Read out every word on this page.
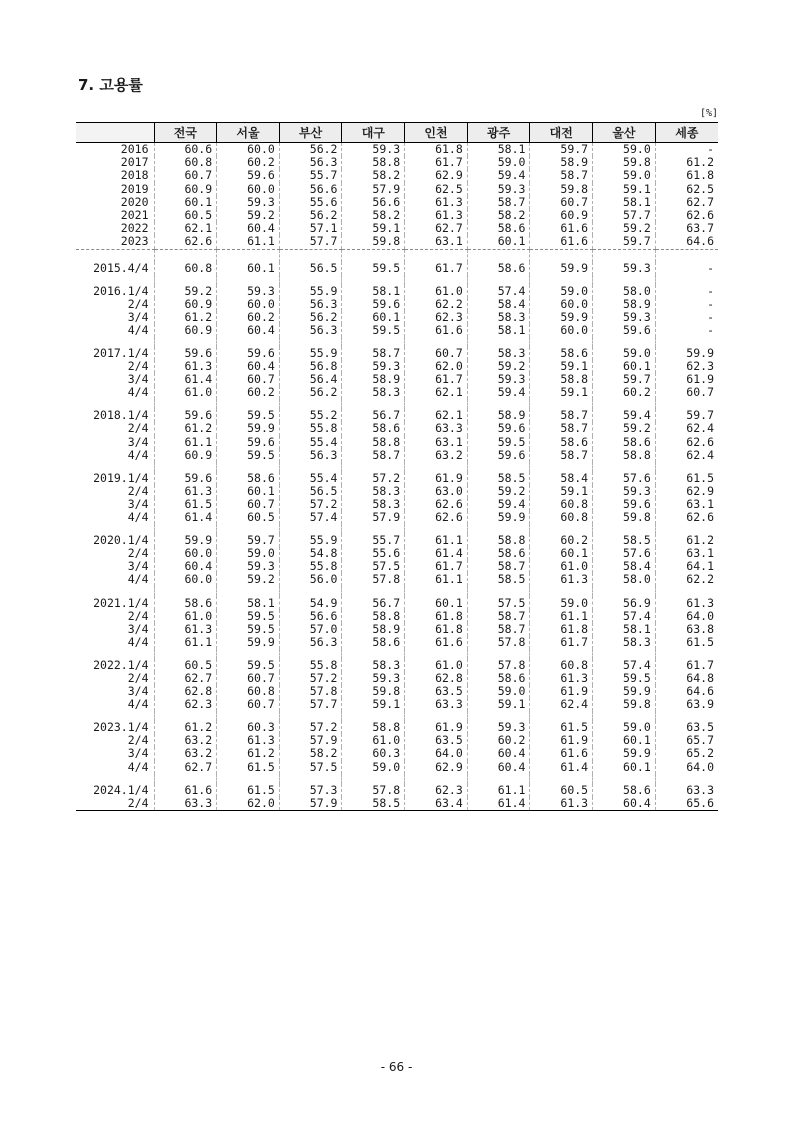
7. 고용률
[%]
	전국	서울	부산	대구	인천	광주	대전	울산	세종
2016	60.6	60.0	56.2	59.3	61.8	58.1	59.7	59.0	-
2017	60.8	60.2	56.3	58.8	61.7	59.0	58.9	59.8	61.2
2018	60.7	59.6	55.7	58.2	62.9	59.4	58.7	59.0	61.8
2019	60.9	60.0	56.6	57.9	62.5	59.3	59.8	59.1	62.5
2020	60.1	59.3	55.6	56.6	61.3	58.7	60.7	58.1	62.7
2021	60.5	59.2	56.2	58.2	61.3	58.2	60.9	57.7	62.6
2022	62.1	60.4	57.1	59.1	62.7	58.6	61.6	59.2	63.7
2023	62.6	61.1	57.7	59.8	63.1	60.1	61.6	59.7	64.6

2015.4/4	60.8	60.1	56.5	59.5	61.7	58.6	59.9	59.3	-

2016.1/4	59.2	59.3	55.9	58.1	61.0	57.4	59.0	58.0	-
2/4	60.9	60.0	56.3	59.6	62.2	58.4	60.0	58.9	-
3/4	61.2	60.2	56.2	60.1	62.3	58.3	59.9	59.3	-
4/4	60.9	60.4	56.3	59.5	61.6	58.1	60.0	59.6	-

2017.1/4	59.6	59.6	55.9	58.7	60.7	58.3	58.6	59.0	59.9
2/4	61.3	60.4	56.8	59.3	62.0	59.2	59.1	60.1	62.3
3/4	61.4	60.7	56.4	58.9	61.7	59.3	58.8	59.7	61.9
4/4	61.0	60.2	56.2	58.3	62.1	59.4	59.1	60.2	60.7

2018.1/4	59.6	59.5	55.2	56.7	62.1	58.9	58.7	59.4	59.7
2/4	61.2	59.9	55.8	58.6	63.3	59.6	58.7	59.2	62.4
3/4	61.1	59.6	55.4	58.8	63.1	59.5	58.6	58.6	62.6
4/4	60.9	59.5	56.3	58.7	63.2	59.6	58.7	58.8	62.4

2019.1/4	59.6	58.6	55.4	57.2	61.9	58.5	58.4	57.6	61.5
2/4	61.3	60.1	56.5	58.3	63.0	59.2	59.1	59.3	62.9
3/4	61.5	60.7	57.2	58.3	62.6	59.4	60.8	59.6	63.1
4/4	61.4	60.5	57.4	57.9	62.6	59.9	60.8	59.8	62.6

2020.1/4	59.9	59.7	55.9	55.7	61.1	58.8	60.2	58.5	61.2
2/4	60.0	59.0	54.8	55.6	61.4	58.6	60.1	57.6	63.1
3/4	60.4	59.3	55.8	57.5	61.7	58.7	61.0	58.4	64.1
4/4	60.0	59.2	56.0	57.8	61.1	58.5	61.3	58.0	62.2

2021.1/4	58.6	58.1	54.9	56.7	60.1	57.5	59.0	56.9	61.3
2/4	61.0	59.5	56.6	58.8	61.8	58.7	61.1	57.4	64.0
3/4	61.3	59.5	57.0	58.9	61.8	58.7	61.8	58.1	63.8
4/4	61.1	59.9	56.3	58.6	61.6	57.8	61.7	58.3	61.5

2022.1/4	60.5	59.5	55.8	58.3	61.0	57.8	60.8	57.4	61.7
2/4	62.7	60.7	57.2	59.3	62.8	58.6	61.3	59.5	64.8
3/4	62.8	60.8	57.8	59.8	63.5	59.0	61.9	59.9	64.6
4/4	62.3	60.7	57.7	59.1	63.3	59.1	62.4	59.8	63.9

2023.1/4	61.2	60.3	57.2	58.8	61.9	59.3	61.5	59.0	63.5
2/4	63.2	61.3	57.9	61.0	63.5	60.2	61.9	60.1	65.7
3/4	63.2	61.2	58.2	60.3	64.0	60.4	61.6	59.9	65.2
4/4	62.7	61.5	57.5	59.0	62.9	60.4	61.4	60.1	64.0

2024.1/4	61.6	61.5	57.3	57.8	62.3	61.1	60.5	58.6	63.3
2/4	63.3	62.0	57.9	58.5	63.4	61.4	61.3	60.4	65.6
- 66 -
